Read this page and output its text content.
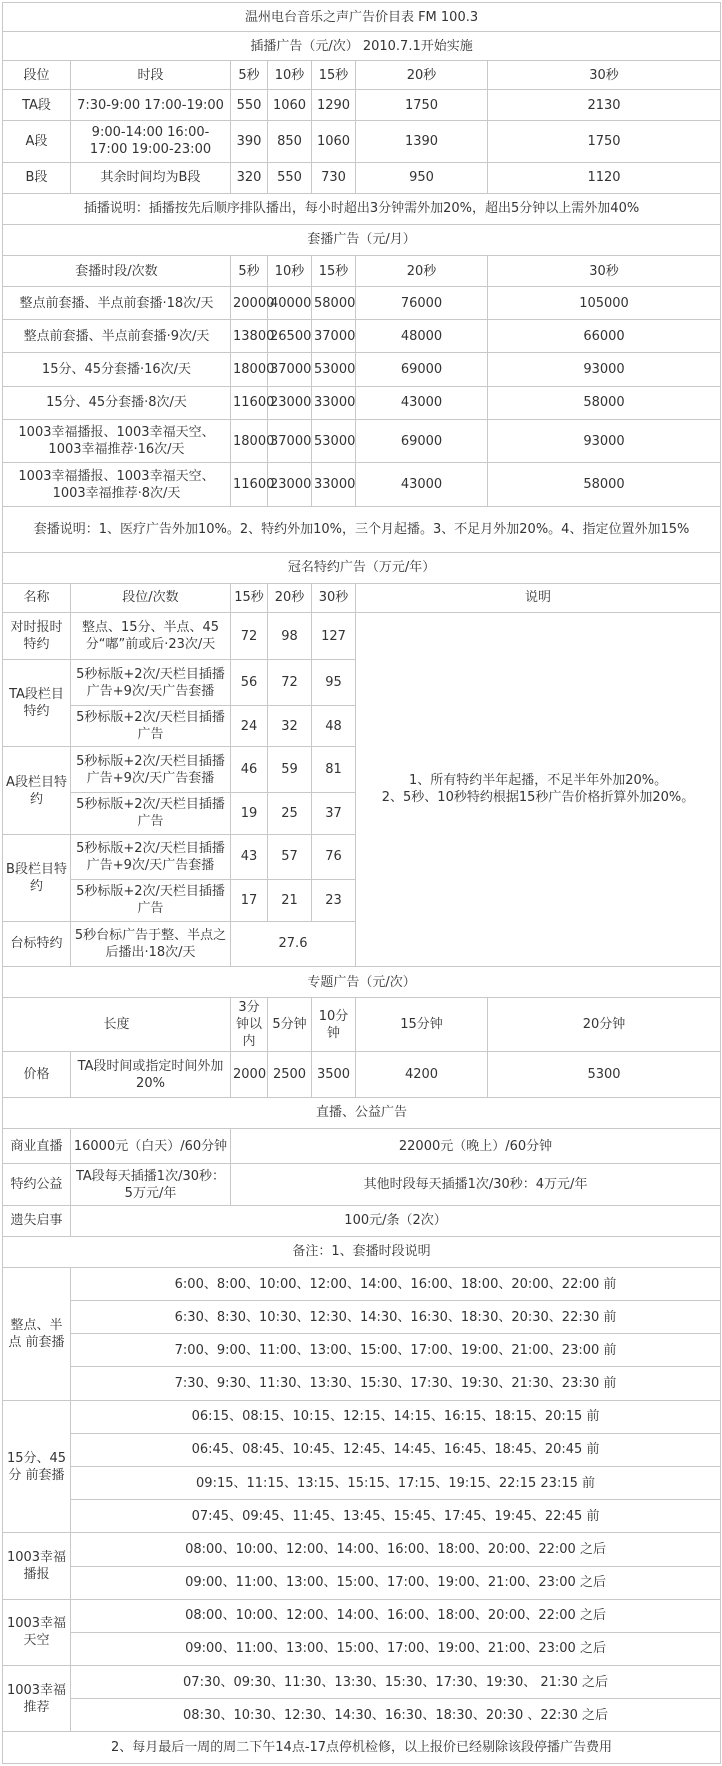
温州电台音乐之声广告价目表 FM 100.3						
插播广告（元/次） 2010.7.1开始实施						
段位	时段	5秒	10秒	15秒	20秒	30秒
TA段	7:30-9:00 17:00-19:00	550	1060	1290	1750	2130
A段	9:00-14:00 16:00-17:00 19:00-23:00	390	850	1060	1390	1750
B段	其余时间均为B段	320	550	730	950	1120
插播说明：插播按先后顺序排队播出，每小时超出3分钟需外加20%，超出5分钟以上需外加40%						
套播广告（元/月）						
套播时段/次数		5秒	10秒	15秒	20秒	30秒
整点前套播、半点前套播·18次/天		20000	40000	58000	76000	105000
整点前套播、半点前套播·9次/天		13800	26500	37000	48000	66000
15分、45分套播·16次/天		18000	37000	53000	69000	93000
15分、45分套播·8次/天		11600	23000	33000	43000	58000
1003幸福播报、1003幸福天空、1003幸福推荐·16次/天		18000	37000	53000	69000	93000
1003幸福播报、1003幸福天空、1003幸福推荐·8次/天		11600	23000	33000	43000	58000
套播说明：1、医疗广告外加10%。2、特约外加10%，三个月起播。3、不足月外加20%。4、指定位置外加15%						
冠名特约广告（万元/年）						
名称	段位/次数	15秒	20秒	30秒	说明	
对时报时特约	整点、15分、半点、45分“嘟”前或后·23次/天	72	98	127	1、所有特约半年起播，不足半年外加20%。
2、5秒、10秒特约根据15秒广告价格折算外加20%。	
TA段栏目特约	5秒标版+2次/天栏目插播广告+9次/天广告套播	56	72	95		
	5秒标版+2次/天栏目插播广告	24	32	48		
A段栏目特约	5秒标版+2次/天栏目插播广告+9次/天广告套播	46	59	81		
	5秒标版+2次/天栏目插播广告	19	25	37		
B段栏目特约	5秒标版+2次/天栏目插播广告+9次/天广告套播	43	57	76		
	5秒标版+2次/天栏目插播广告	17	21	23		
台标特约	5秒台标广告于整、半点之后播出·18次/天	27.6				
专题广告（元/次）						
长度		3分钟以内	5分钟	10分钟	15分钟	20分钟
价格	TA段时间或指定时间外加20%	2000	2500	3500	4200	5300
直播、公益广告						
商业直播	16000元（白天）/60分钟	22000元（晚上）/60分钟				
特约公益	TA段每天插播1次/30秒：5万元/年	其他时段每天插播1次/30秒：4万元/年				
遗失启事	100元/条（2次）					
备注：1、套播时段说明						
整点、半点 前套播	6:00、8:00、10:00、12:00、14:00、16:00、18:00、20:00、22:00 前					
	6:30、8:30、10:30、12:30、14:30、16:30、18:30、20:30、22:30 前					
	7:00、9:00、11:00、13:00、15:00、17:00、19:00、21:00、23:00 前					
	7:30、9:30、11:30、13:30、15:30、17:30、19:30、21:30、23:30 前					
15分、45分 前套播	06:15、08:15、10:15、12:15、14:15、16:15、18:15、20:15 前					
	06:45、08:45、10:45、12:45、14:45、16:45、18:45、20:45 前					
	09:15、11:15、13:15、15:15、17:15、19:15、22:15 23:15 前					
	07:45、09:45、11:45、13:45、15:45、17:45、19:45、22:45 前					
1003幸福播报	08:00、10:00、12:00、14:00、16:00、18:00、20:00、22:00 之后					
	09:00、11:00、13:00、15:00、17:00、19:00、21:00、23:00 之后					
1003幸福天空	08:00、10:00、12:00、14:00、16:00、18:00、20:00、22:00 之后					
	09:00、11:00、13:00、15:00、17:00、19:00、21:00、23:00 之后					
1003幸福推荐	07:30、09:30、11:30、13:30、15:30、17:30、19:30、 21:30 之后					
	08:30、10:30、12:30、14:30、16:30、18:30、20:30 、22:30 之后					
2、每月最后一周的周二下午14点-17点停机检修，以上报价已经剔除该段停播广告费用						
